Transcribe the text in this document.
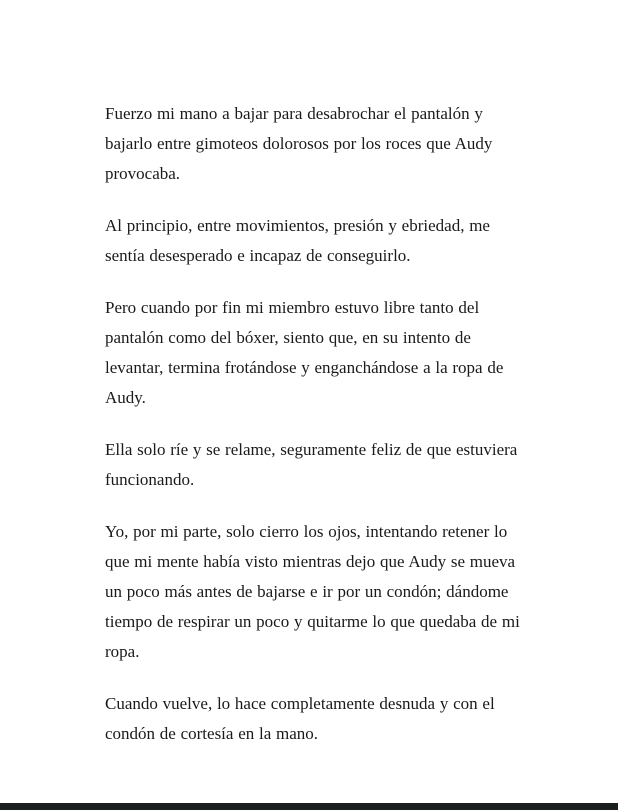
Fuerzo mi mano a bajar para desabrochar el pantalón y bajarlo entre gimoteos dolorosos por los roces que Audy provocaba.

Al principio, entre movimientos, presión y ebriedad, me sentía desesperado e incapaz de conseguirlo.

Pero cuando por fin mi miembro estuvo libre tanto del pantalón como del bóxer, siento que, en su intento de levantar, termina frotándose y enganchándose a la ropa de Audy.

Ella solo ríe y se relame, seguramente feliz de que estuviera funcionando.

Yo, por mi parte, solo cierro los ojos, intentando retener lo que mi mente había visto mientras dejo que Audy se mueva un poco más antes de bajarse e ir por un condón; dándome tiempo de respirar un poco y quitarme lo que quedaba de mi ropa.

Cuando vuelve, lo hace completamente desnuda y con el condón de cortesía en la mano.
